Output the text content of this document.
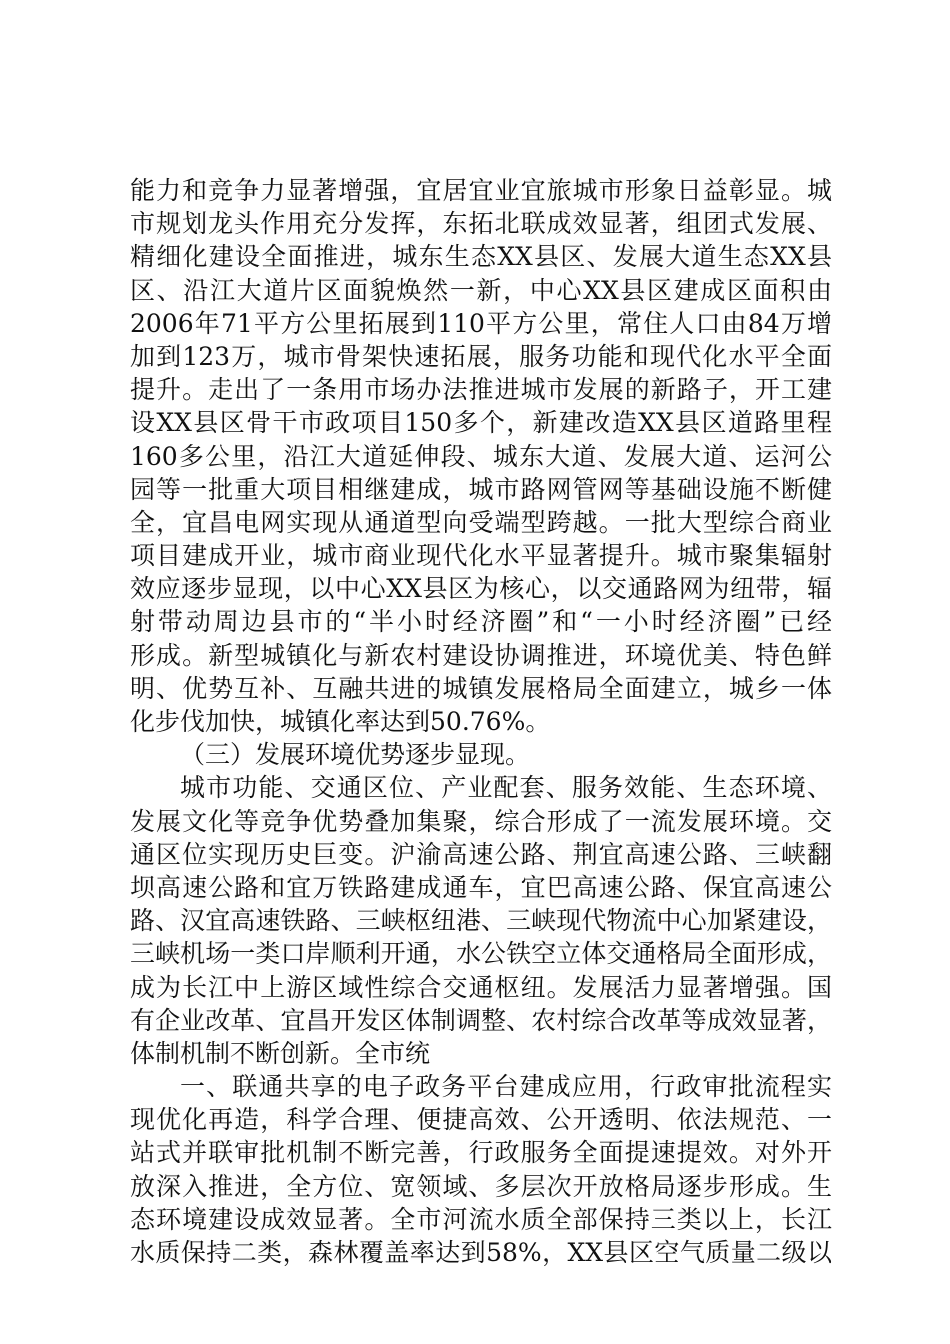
能力和竞争力显著增强，宜居宜业宜旅城市形象日益彰显。城
市规划龙头作用充分发挥，东拓北联成效显著，组团式发展、
精细化建设全面推进，城东生态XX县区、发展大道生态XX县
区、沿江大道片区面貌焕然一新，中心XX县区建成区面积由
2006年71平方公里拓展到110平方公里，常住人口由84万增
加到123万，城市骨架快速拓展，服务功能和现代化水平全面
提升。走出了一条用市场办法推进城市发展的新路子，开工建
设XX县区骨干市政项目150多个，新建改造XX县区道路里程
160多公里，沿江大道延伸段、城东大道、发展大道、运河公
园等一批重大项目相继建成，城市路网管网等基础设施不断健
全，宜昌电网实现从通道型向受端型跨越。一批大型综合商业
项目建成开业，城市商业现代化水平显著提升。城市聚集辐射
效应逐步显现，以中心XX县区为核心，以交通路网为纽带，辐
射带动周边县市的“半小时经济圈”和“一小时经济圈”已经
形成。新型城镇化与新农村建设协调推进，环境优美、特色鲜
明、优势互补、互融共进的城镇发展格局全面建立，城乡一体
化步伐加快，城镇化率达到50.76%。
（三）发展环境优势逐步显现。
城市功能、交通区位、产业配套、服务效能、生态环境、
发展文化等竞争优势叠加集聚，综合形成了一流发展环境。交
通区位实现历史巨变。沪渝高速公路、荆宜高速公路、三峡翻
坝高速公路和宜万铁路建成通车，宜巴高速公路、保宜高速公
路、汉宜高速铁路、三峡枢纽港、三峡现代物流中心加紧建设，
三峡机场一类口岸顺利开通，水公铁空立体交通格局全面形成，
成为长江中上游区域性综合交通枢纽。发展活力显著增强。国
有企业改革、宜昌开发区体制调整、农村综合改革等成效显著，
体制机制不断创新。全市统
一、联通共享的电子政务平台建成应用，行政审批流程实
现优化再造，科学合理、便捷高效、公开透明、依法规范、一
站式并联审批机制不断完善，行政服务全面提速提效。对外开
放深入推进，全方位、宽领域、多层次开放格局逐步形成。生
态环境建设成效显著。全市河流水质全部保持三类以上，长江
水质保持二类，森林覆盖率达到58%，XX县区空气质量二级以
